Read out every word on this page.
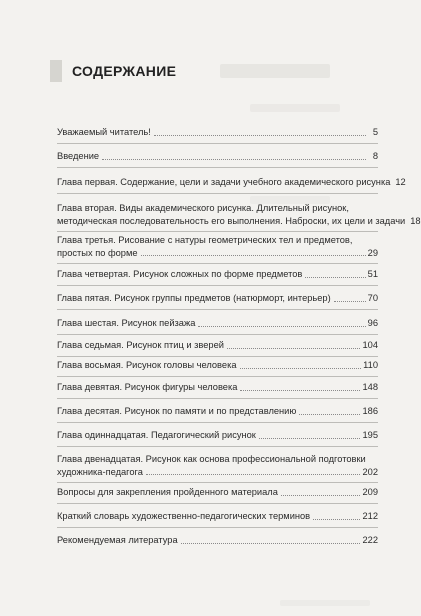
СОДЕРЖАНИЕ
Уважаемый читатель!	5
Введение	8
Глава первая. Содержание, цели и задачи учебного академического рисунка 12
Глава вторая. Виды академического рисунка. Длительный рисунок,
методическая последовательность его выполнения. Наброски, их цели и задачи 18
Глава третья. Рисование с натуры геометрических тел и предметов,
простых по форме	29
Глава четвертая. Рисунок сложных по форме предметов	51
Глава пятая. Рисунок группы предметов (натюрморт, интерьер)	70
Глава шестая. Рисунок пейзажа	96
Глава седьмая. Рисунок птиц и зверей	104
Глава восьмая. Рисунок головы человека	110
Глава девятая. Рисунок фигуры человека	148
Глава десятая. Рисунок по памяти и по представлению	186
Глава одиннадцатая. Педагогический рисунок	195
Глава двенадцатая. Рисунок как основа профессиональной подготовки
художника-педагога	202
Вопросы для закрепления пройденного материала	209
Краткий словарь художественно-педагогических терминов	212
Рекомендуемая литература	222
